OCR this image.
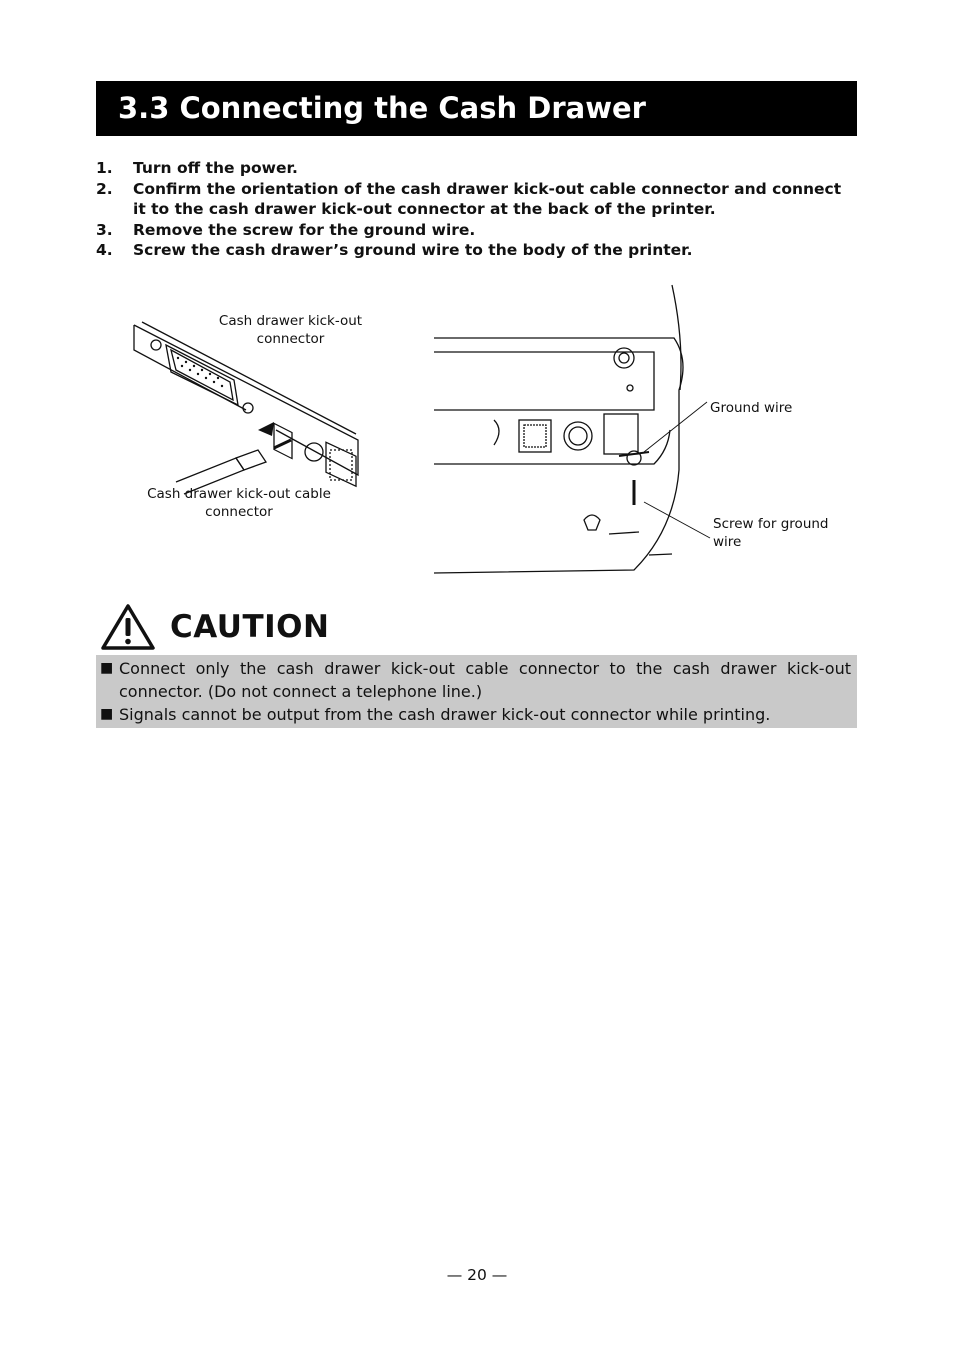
3.3 Connecting the Cash Drawer
1.	Turn off the power.
2.	Confirm the orientation of the cash drawer kick-out cable connector and connect it to the cash drawer kick-out connector at the back of the printer.
3.	Remove the screw for the ground wire.
4.	Screw the cash drawer’s ground wire to the body of the printer.
Cash drawer kick-out connector
Cash drawer kick-out cable connector
Ground wire
Screw for ground wire
CAUTION
■ Connect only the cash drawer kick-out cable connector to the cash drawer kick-out connector. (Do not connect a telephone line.)
■ Signals cannot be output from the cash drawer kick-out connector while printing.
— 20 —
